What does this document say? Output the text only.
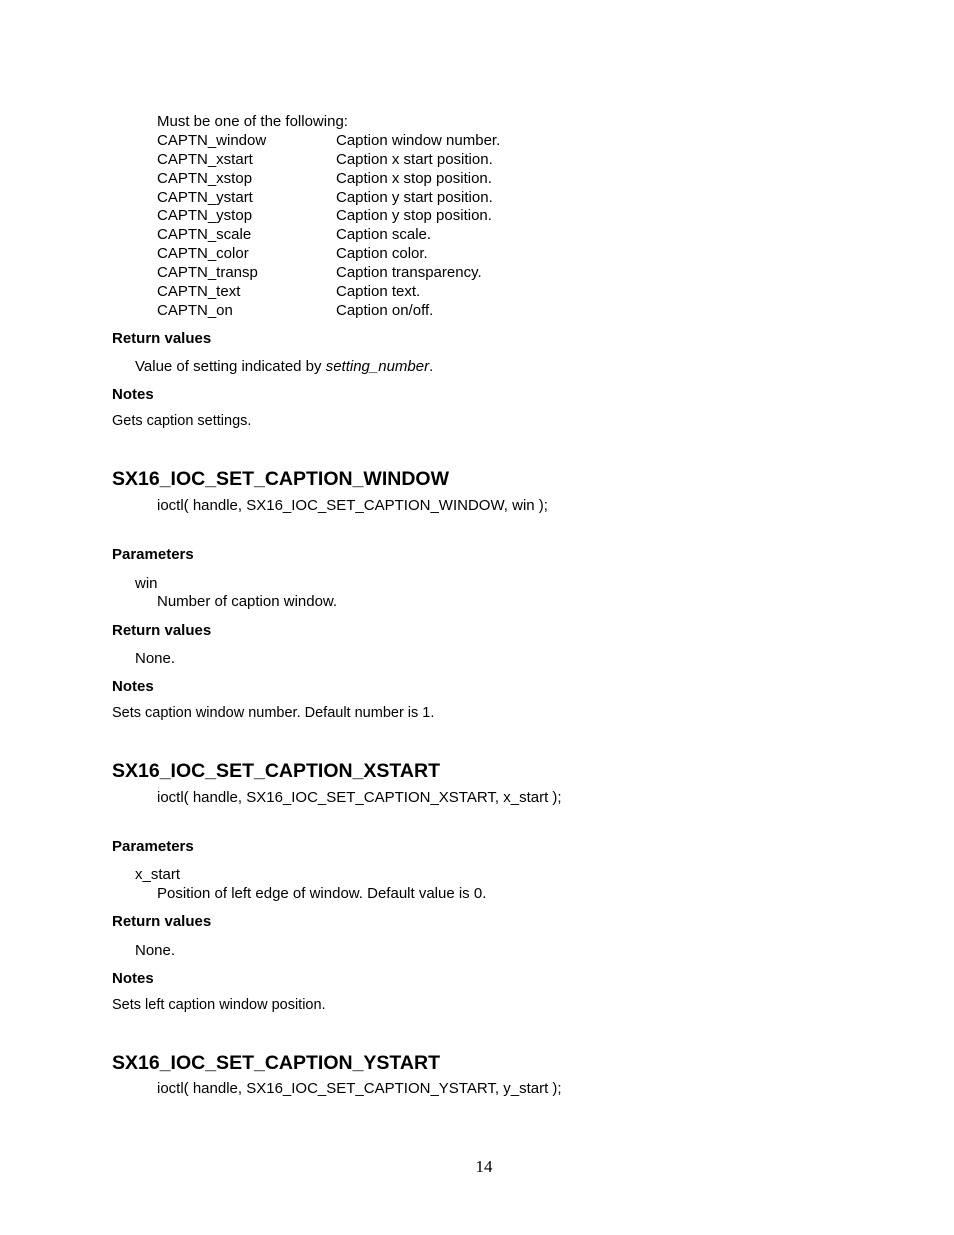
Must be one of the following:
CAPTN_window	Caption window number.
CAPTN_xstart	Caption x start position.
CAPTN_xstop	Caption x stop position.
CAPTN_ystart	Caption y start position.
CAPTN_ystop	Caption y stop position.
CAPTN_scale	Caption scale.
CAPTN_color	Caption color.
CAPTN_transp	Caption transparency.
CAPTN_text	Caption text.
CAPTN_on	Caption on/off.
Return values
Value of setting indicated by setting_number.
Notes
Gets caption settings.
SX16_IOC_SET_CAPTION_WINDOW
ioctl( handle, SX16_IOC_SET_CAPTION_WINDOW, win );
Parameters
win
Number of caption window.
Return values
None.
Notes
Sets caption window number. Default number is 1.
SX16_IOC_SET_CAPTION_XSTART
ioctl( handle, SX16_IOC_SET_CAPTION_XSTART, x_start );
Parameters
x_start
Position of left edge of window. Default value is 0.
Return values
None.
Notes
Sets left caption window position.
SX16_IOC_SET_CAPTION_YSTART
ioctl( handle, SX16_IOC_SET_CAPTION_YSTART, y_start );
14
